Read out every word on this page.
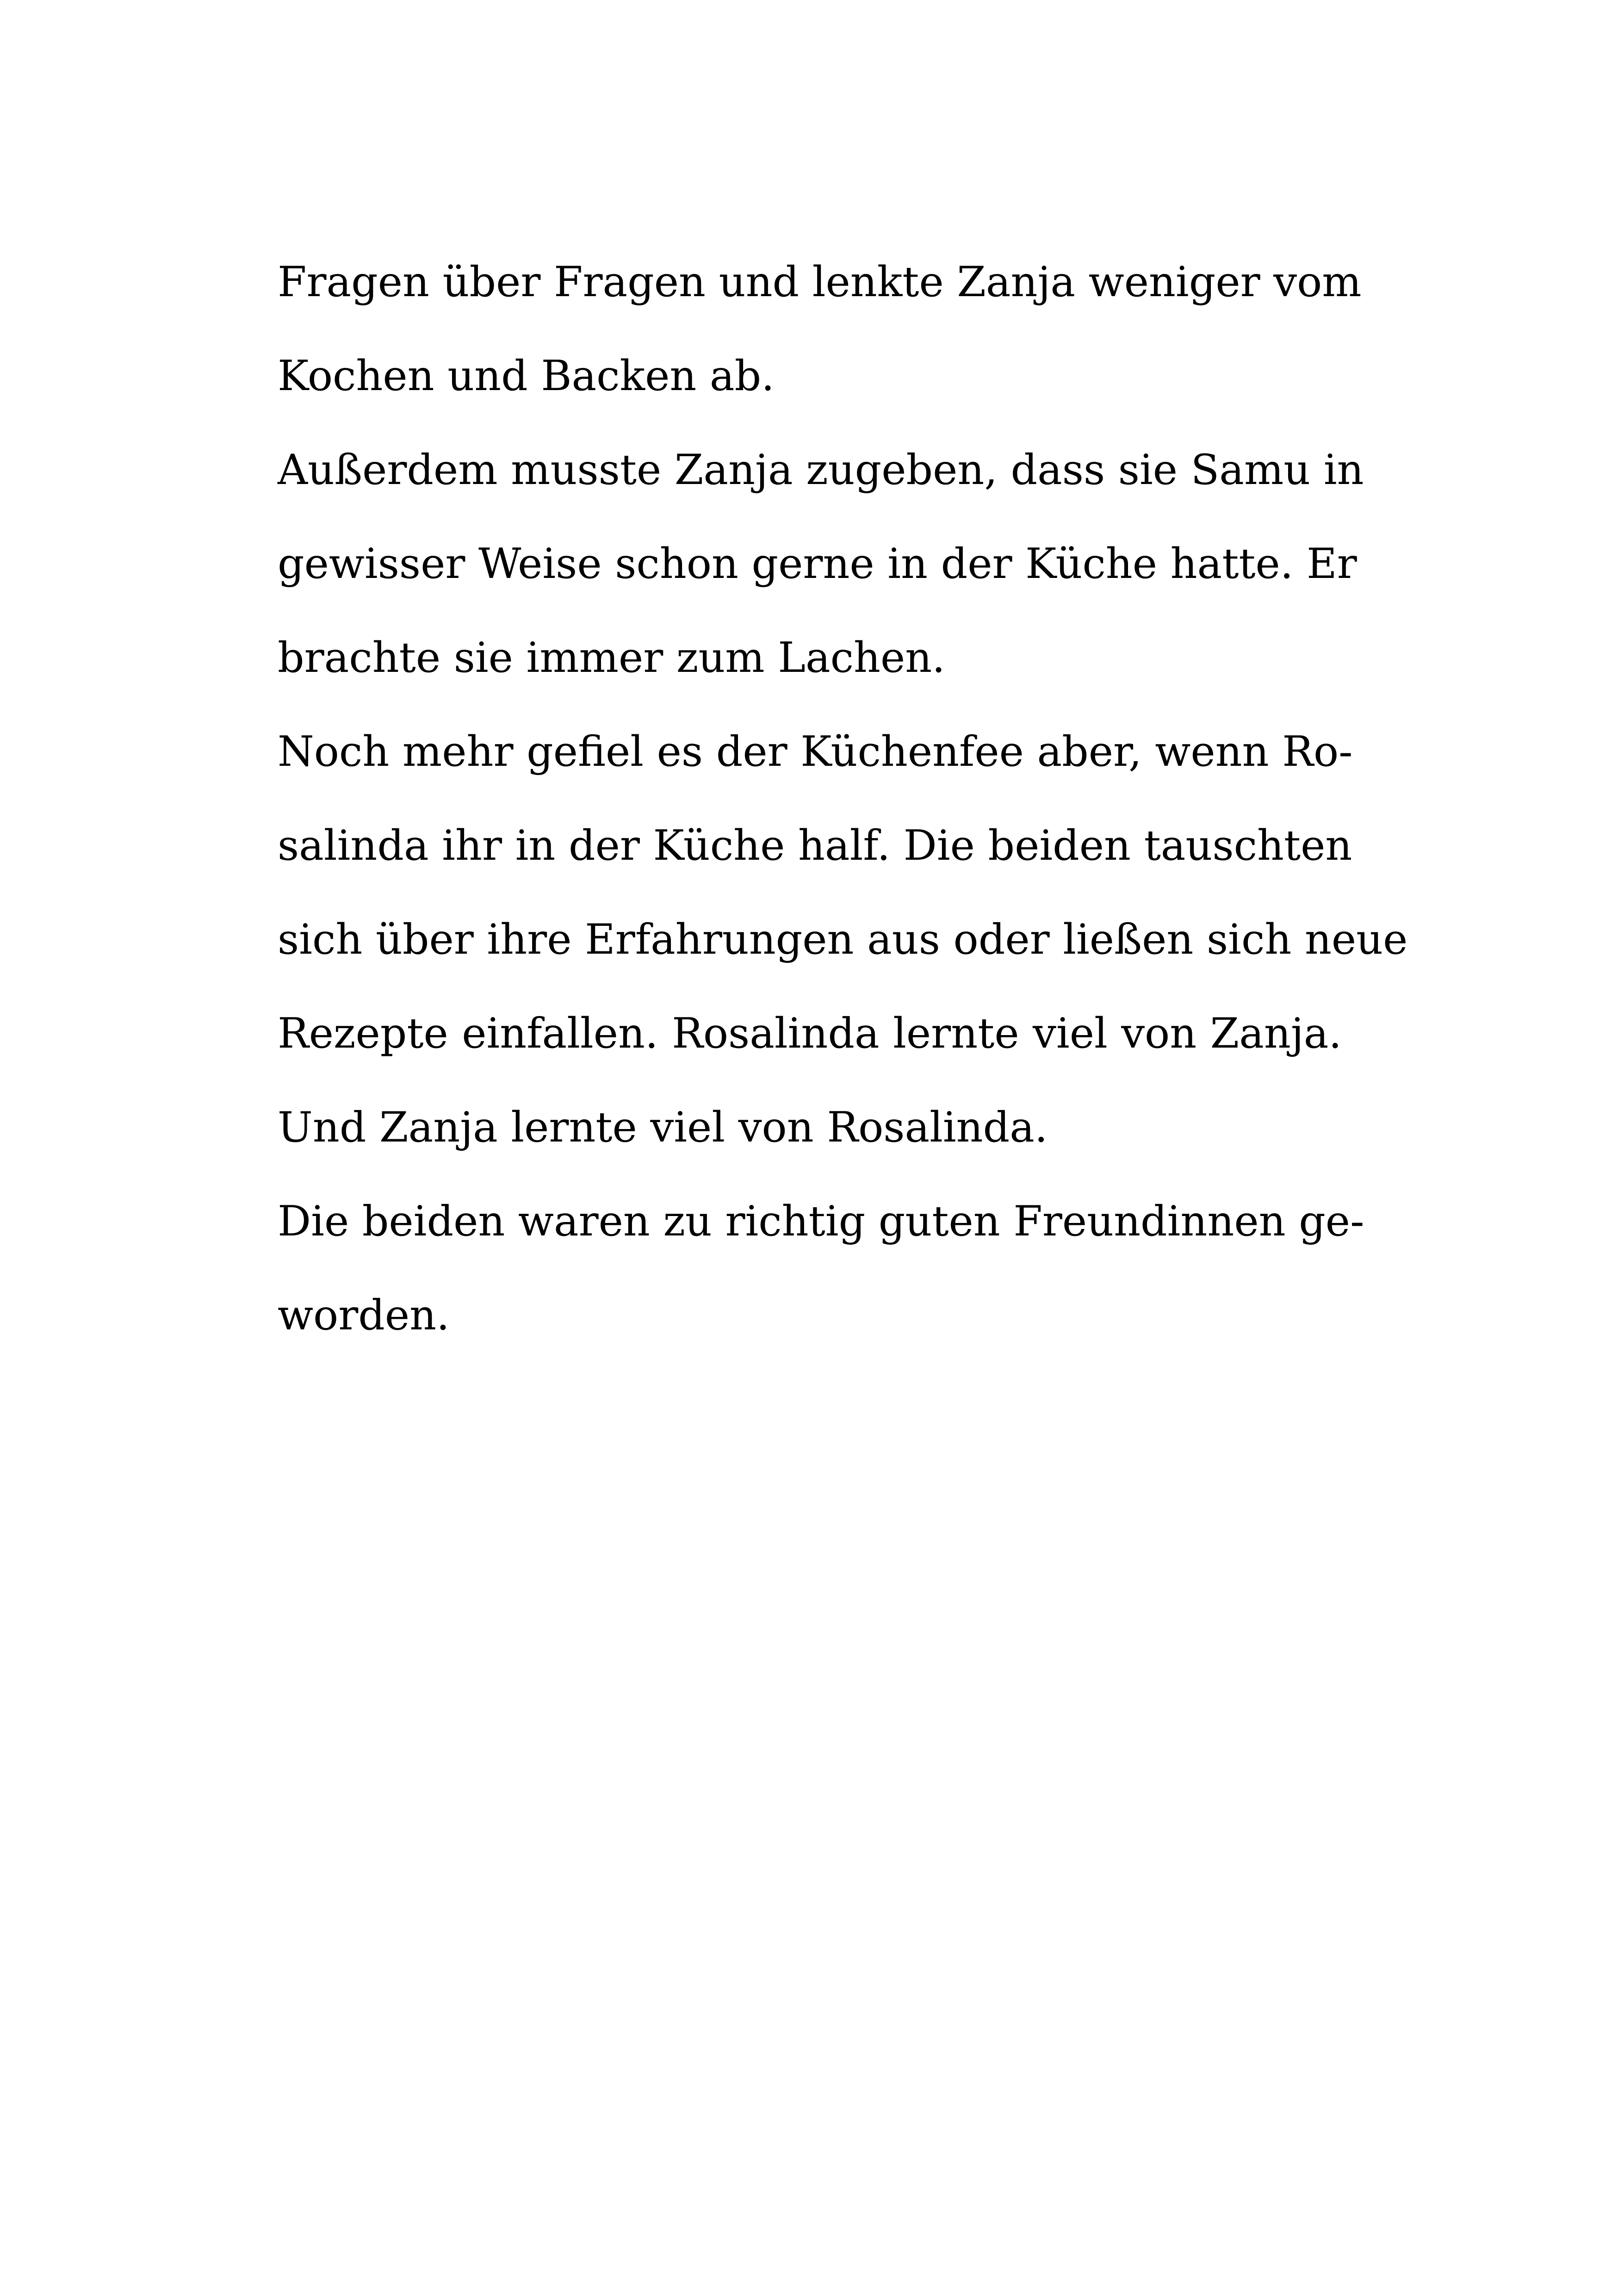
Fragen über Fragen und lenkte Zanja weniger vom
Kochen und Backen ab.
Außerdem musste Zanja zugeben, dass sie Samu in
gewisser Weise schon gerne in der Küche hatte. Er
brachte sie immer zum Lachen.
Noch mehr gefiel es der Küchenfee aber, wenn Ro-
salinda ihr in der Küche half. Die beiden tauschten
sich über ihre Erfahrungen aus oder ließen sich neue
Rezepte einfallen. Rosalinda lernte viel von Zanja.
Und Zanja lernte viel von Rosalinda.
Die beiden waren zu richtig guten Freundinnen ge-
worden.
